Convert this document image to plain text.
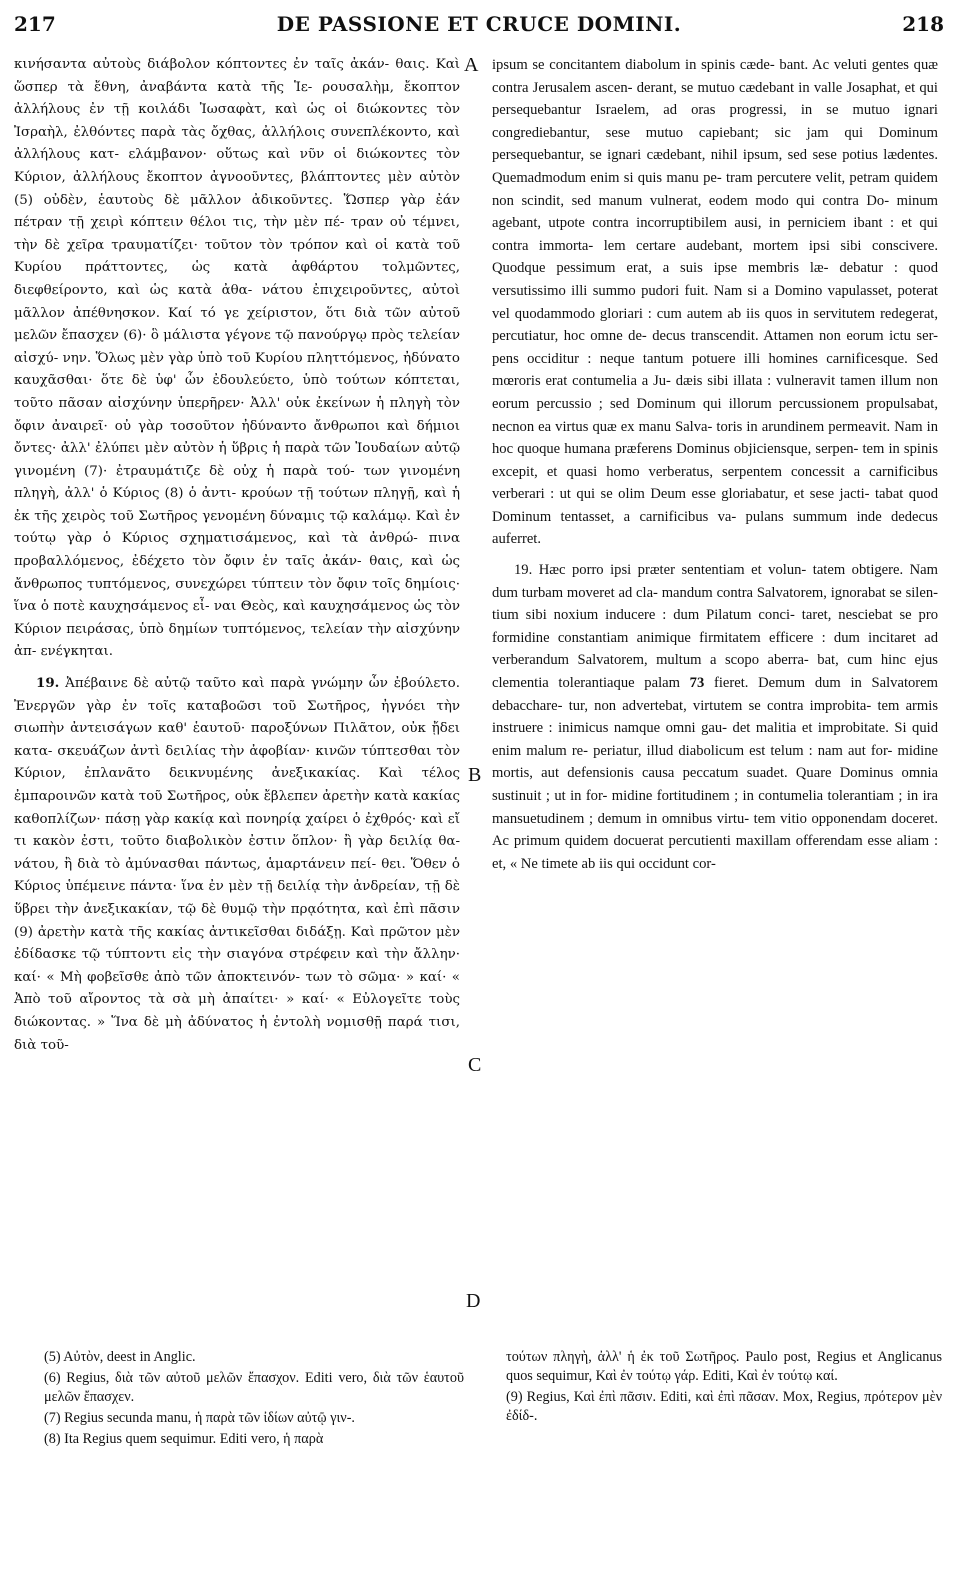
217	DE PASSIONE ET CRUCE DOMINI.	218

κινήσαντα αὐτοὺς διάβολον κόπτοντες ἐν ταῖς ἀκάν- θαις. Καὶ ὥσπερ τὰ ἔθνη, ἀναβάντα κατὰ τῆς Ἱε- ρουσαλὴμ, ἔκοπτον ἀλλήλους ἐν τῇ κοιλάδι Ἰωσαφὰτ, καὶ ὡς οἱ διώκοντες τὸν Ἰσραὴλ, ἐλθόντες παρὰ τὰς ὄχθας, ἀλλήλοις συνεπλέκοντο, καὶ ἀλλήλους κατ- ελάμβανον· οὕτως καὶ νῦν οἱ διώκοντες τὸν Κύριον, ἀλλήλους ἔκοπτον ἀγνοοῦντες, βλάπτοντες μὲν αὐτὸν (5) οὐδὲν, ἑαυτοὺς δὲ μᾶλλον ἀδικοῦντες. Ὥσπερ γὰρ ἐάν πέτραν τῇ χειρὶ κόπτειν θέλοι τις, τὴν μὲν πέ- τραν οὐ τέμνει, τὴν δὲ χεῖρα τραυματίζει· τοῦτον τὸν τρόπον καὶ οἱ κατὰ τοῦ Κυρίου πράττοντες, ὡς κατὰ ἀφθάρτου τολμῶντες, διεφθείροντο, καὶ ὡς κατὰ ἀθα- νάτου ἐπιχειροῦντες, αὐτοὶ μᾶλλον ἀπέθνησκον. Καί τό γε χείριστον, ὅτι διὰ τῶν αὐτοῦ μελῶν ἔπασχεν (6)· ὃ μάλιστα γέγονε τῷ πανούργῳ πρὸς τελείαν αἰσχύ- νην. Ὅλως μὲν γὰρ ὑπὸ τοῦ Κυρίου πληττόμενος, ἠδύνατο καυχᾶσθαι· ὅτε δὲ ὑφ' ὧν ἐδουλεύετο, ὑπὸ τούτων κόπτεται, τοῦτο πᾶσαν αἰσχύνην ὑπερῆρεν· Ἀλλ' οὐκ ἐκείνων ἡ πληγὴ τὸν ὄφιν ἀναιρεῖ· οὐ γὰρ τοσοῦτον ἠδύναντο ἄνθρωποι καὶ δήμιοι ὄντες· ἀλλ' ἐλύπει μὲν αὐτὸν ἡ ὕβρις ἡ παρὰ τῶν Ἰουδαίων αὐτῷ γινομένη (7)· ἐτραυμάτιζε δὲ οὐχ ἡ παρὰ τού- των γινομένη πληγὴ, ἀλλ' ὁ Κύριος (8) ὁ ἀντι- κρούων τῇ τούτων πληγῇ, καὶ ἡ ἐκ τῆς χειρὸς τοῦ Σωτῆρος γενομένη δύναμις τῷ καλάμῳ. Καὶ ἐν τούτῳ γὰρ ὁ Κύριος σχηματισάμενος, καὶ τὰ ἀνθρώ- πινα προβαλλόμενος, ἐδέχετο τὸν ὄφιν ἐν ταῖς ἀκάν- θαις, καὶ ὡς ἄνθρωπος τυπτόμενος, συνεχώρει τύπτειν τὸν ὄφιν τοῖς δημίοις· ἵνα ὁ ποτὲ καυχησάμενος εἶ- ναι Θεὸς, καὶ καυχησάμενος ὡς τὸν Κύριον πειράσας, ὑπὸ δημίων τυπτόμενος, τελείαν τὴν αἰσχύνην ἀπ- ενέγκηται.

19. Ἀπέβαινε δὲ αὐτῷ ταῦτο καὶ παρὰ γνώμην ὧν ἐβούλετο. Ἐνεργῶν γὰρ ἐν τοῖς καταβοῶσι τοῦ Σωτῆρος, ἠγνόει τὴν σιωπὴν ἀντεισάγων καθ' ἑαυτοῦ· παροξύνων Πιλᾶτον, οὐκ ᾔδει κατα- σκευάζων ἀντὶ δειλίας τὴν ἀφοβίαν· κινῶν τύπτεσθαι τὸν Κύριον, ἐπλανᾶτο δεικνυμένης ἀνεξικακίας. Καὶ τέλος ἐμπαροινῶν κατὰ τοῦ Σωτῆρος, οὐκ ἔβλεπεν ἀρετὴν κατὰ κακίας καθοπλίζων· πάσῃ γὰρ κακίᾳ καὶ πονηρίᾳ χαίρει ὁ ἐχθρός· καὶ εἴ τι κακὸν ἐστι, τοῦτο διαβολικὸν ἐστιν ὅπλον· ἢ γὰρ δειλίᾳ θα- νάτου, ἢ διὰ τὸ ἀμύνασθαι πάντως, ἁμαρτάνειν πεί- θει. Ὅθεν ὁ Κύριος ὑπέμεινε πάντα· ἵνα ἐν μὲν τῇ δειλίᾳ τὴν ἀνδρείαν, τῇ δὲ ὕβρει τὴν ἀνεξικακίαν, τῷ δὲ θυμῷ τὴν πρᾳότητα, καὶ ἐπὶ πᾶσιν (9) ἀρετὴν κατὰ τῆς κακίας ἀντικεῖσθαι διδάξῃ. Καὶ πρῶτον μὲν ἐδίδασκε τῷ τύπτοντι εἰς τὴν σιαγόνα στρέφειν καὶ τὴν ἄλλην· καί· « Μὴ φοβεῖσθε ἀπὸ τῶν ἀποκτεινόν- των τὸ σῶμα· » καί· « Ἀπὸ τοῦ αἴροντος τὰ σὰ μὴ ἀπαίτει· » καί· « Εὐλογεῖτε τοὺς διώκοντας. » Ἵνα δὲ μὴ ἀδύνατος ἡ ἐντολὴ νομισθῇ παρά τισι, διὰ τοῦ-

A
B
C
D

ipsum se concitantem diabolum in spinis cæde- bant. Ac veluti gentes quæ contra Jerusalem ascen- derant, se mutuo cædebant in valle Josaphat, et qui persequebantur Israelem, ad oras progressi, in se mutuo ignari congrediebantur, sese mutuo capiebant; sic jam qui Dominum persequebantur, se ignari cædebant, nihil ipsum, sed sese potius lædentes. Quemadmodum enim si quis manu pe- tram percutere velit, petram quidem non scindit, sed manum vulnerat, eodem modo qui contra Do- minum agebant, utpote contra incorruptibilem ausi, in perniciem ibant : et qui contra immorta- lem certare audebant, mortem ipsi sibi conscivere. Quodque pessimum erat, a suis ipse membris læ- debatur : quod versutissimo illi summo pudori fuit. Nam si a Domino vapulasset, poterat vel quodammodo gloriari : cum autem ab iis quos in servitutem redegerat, percutiatur, hoc omne de- decus transcendit. Attamen non eorum ictu ser- pens occiditur : neque tantum potuere illi homines carnificesque. Sed mœroris erat contumelia a Ju- dæis sibi illata : vulneravit tamen illum non eorum percussio ; sed Dominum qui illorum percussionem propulsabat, necnon ea virtus quæ ex manu Salva- toris in arundinem permeavit. Nam in hoc quoque humana præferens Dominus objiciensque, serpen- tem in spinis excepit, et quasi homo verberatus, serpentem concessit a carnificibus verberari : ut qui se olim Deum esse gloriabatur, et sese jacti- tabat quod Dominum tentasset, a carnificibus va- pulans summum inde dedecus auferret.

19. Hæc porro ipsi præter sententiam et volun- tatem obtigere. Nam dum turbam moveret ad cla- mandum contra Salvatorem, ignorabat se silen- tium sibi noxium inducere : dum Pilatum conci- taret, nesciebat se pro formidine constantiam animique firmitatem efficere : dum incitaret ad verberandum Salvatorem, multum a scopo aberra- bat, cum hinc ejus clementia tolerantiaque palam 73 fieret. Demum dum in Salvatorem debacchare- tur, non advertebat, virtutem se contra improbita- tem armis instruere : inimicus namque omni gau- det malitia et improbitate. Si quid enim malum re- periatur, illud diabolicum est telum : nam aut for- midine mortis, aut defensionis causa peccatum suadet. Quare Dominus omnia sustinuit ; ut in for- midine fortitudinem ; in contumelia tolerantiam ; in ira mansuetudinem ; demum in omnibus virtu- tem vitio opponendam doceret. Ac primum quidem docuerat percutienti maxillam offerendam esse aliam : et, « Ne timete ab iis qui occidunt cor-

(5) Αὐτὸν, deest in Anglic.
(6) Regius, διὰ τῶν αὐτοῦ μελῶν ἔπασχον. Editi vero, διὰ τῶν ἑαυτοῦ μελῶν ἔπασχεν.
(7) Regius secunda manu, ἡ παρὰ τῶν ἰδίων αὐτῷ γιν-.
(8) Ita Regius quem sequimur. Editi vero, ἡ παρὰ
τούτων πληγὴ, ἀλλ' ἡ ἐκ τοῦ Σωτῆρος. Paulo post, Regius et Anglicanus quos sequimur, Καὶ ἐν τούτῳ γάρ. Editi, Καὶ ἐν τούτῳ καί.
(9) Regius, Καὶ ἐπὶ πᾶσιν. Editi, καὶ ἐπὶ πᾶσαν. Mox, Regius, πρότερον μὲν ἐδίδ-.
